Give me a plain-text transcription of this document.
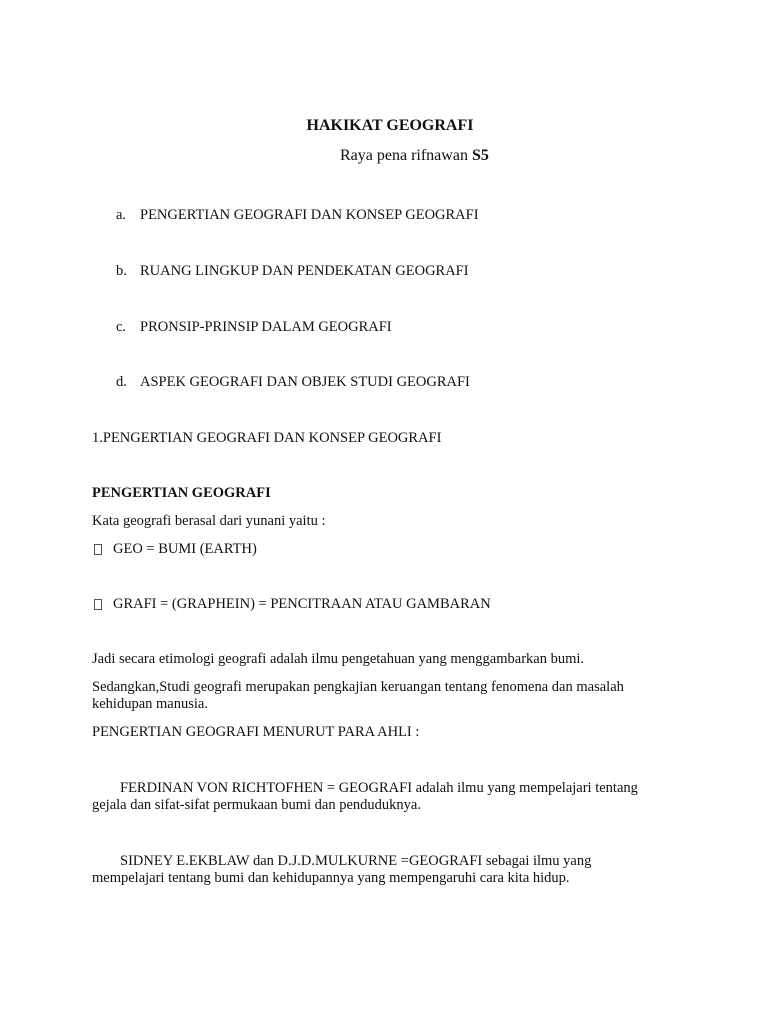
HAKIKAT GEOGRAFI
Raya pena rifnawan S5
a. PENGERTIAN GEOGRAFI DAN KONSEP GEOGRAFI
b. RUANG LINGKUP DAN PENDEKATAN GEOGRAFI
c. PRONSIP-PRINSIP DALAM GEOGRAFI
d. ASPEK GEOGRAFI DAN OBJEK STUDI GEOGRAFI
1.PENGERTIAN GEOGRAFI DAN KONSEP GEOGRAFI
PENGERTIAN GEOGRAFI
Kata geografi berasal dari yunani yaitu :
GEO = BUMI (EARTH)
GRAFI = (GRAPHEIN) = PENCITRAAN ATAU GAMBARAN
Jadi secara etimologi geografi adalah ilmu pengetahuan yang menggambarkan bumi.
Sedangkan,Studi geografi merupakan pengkajian keruangan tentang fenomena dan masalah kehidupan manusia.
PENGERTIAN GEOGRAFI MENURUT PARA AHLI :
FERDINAN VON RICHTOFHEN = GEOGRAFI adalah ilmu yang mempelajari tentang gejala dan sifat-sifat permukaan bumi dan penduduknya.
SIDNEY E.EKBLAW dan D.J.D.MULKURNE =GEOGRAFI sebagai ilmu yang mempelajari tentang bumi dan kehidupannya yang mempengaruhi cara kita hidup.
